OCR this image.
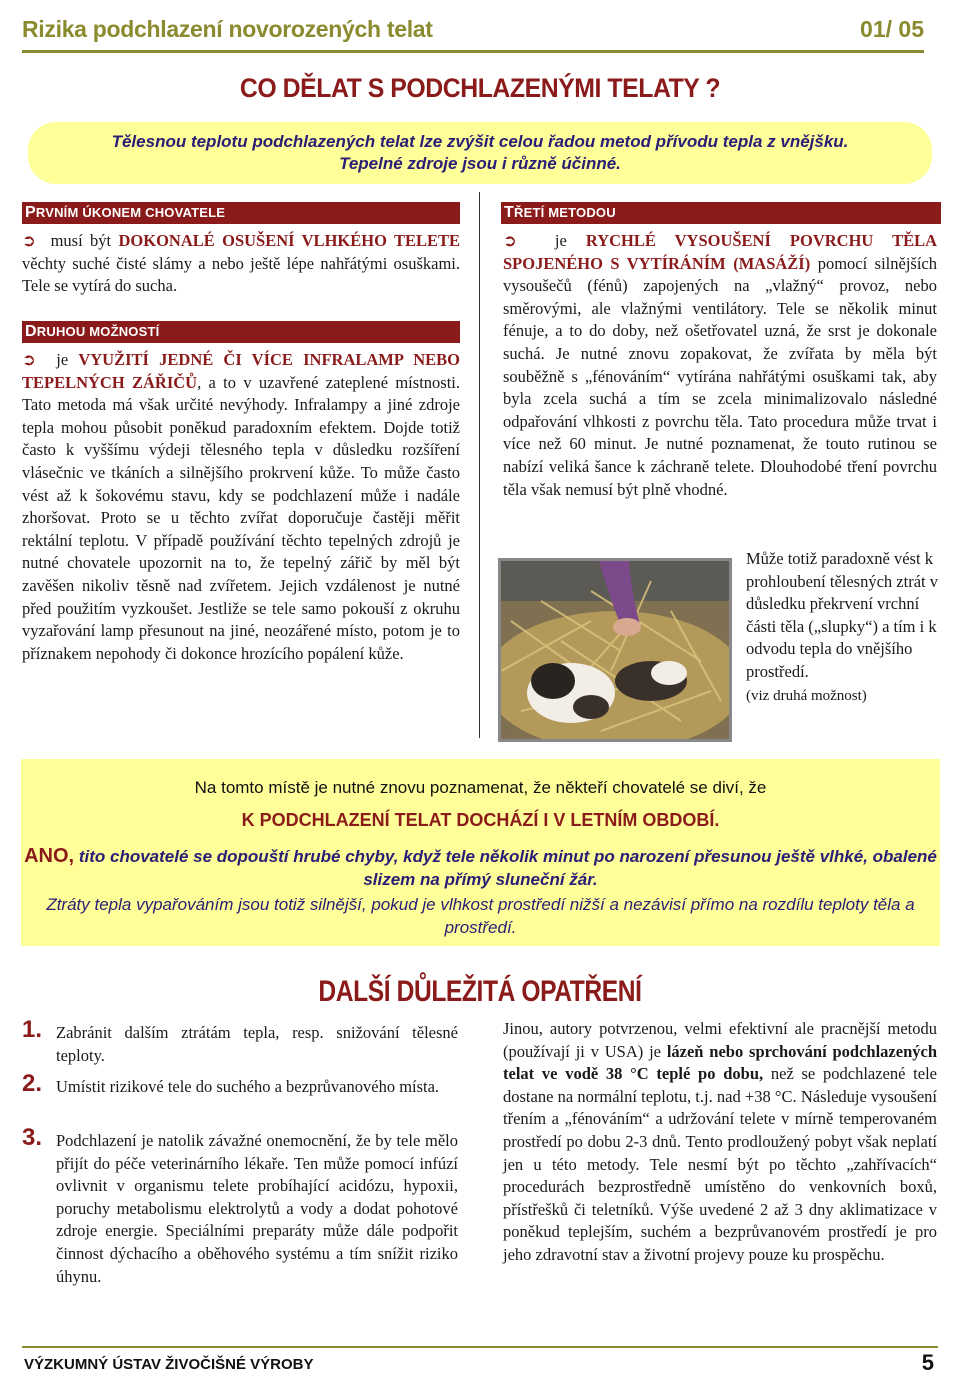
Rizika podchlazení novorozených telat	01/ 05
CO DĚLAT S PODCHLAZENÝMI TELATY ?
Tělesnou teplotu podchlazených telat lze zvýšit celou řadou metod přívodu tepla z vnějšku.
Tepelné zdroje jsou i různě účinné.
PRVNÍM ÚKONEM CHOVATELE
➲ musí být DOKONALÉ OSUŠENÍ VLHKÉHO TELETE věchty suché čisté slámy a nebo ještě lépe nahřátými osuškami. Tele se vytírá do sucha.
DRUHOU MOŽNOSTÍ
➲ je VYUŽITÍ JEDNÉ ČI VÍCE INFRALAMP NEBO TEPELNÝCH ZÁŘIČŮ, a to v uzavřené zateplené místnosti. Tato metoda má však určité nevýhody. Infralampy a jiné zdroje tepla mohou působit poněkud paradoxním efektem. Dojde totiž často k vyššímu výdeji tělesného tepla v důsledku rozšíření vlásečnic ve tkáních a silnějšího prokrvení kůže. To může často vést až k šokovému stavu, kdy se podchlazení může i nadále zhoršovat. Proto se u těchto zvířat doporučuje častěji měřit rektální teplotu. V případě používání těchto tepelných zdrojů je nutné chovatele upozornit na to, že tepelný zářič by měl být zavěšen nikoliv těsně nad zvířetem. Jejich vzdálenost je nutné před použitím vyzkoušet. Jestliže se tele samo pokouší z okruhu vyzařování lamp přesunout na jiné, neozářené místo, potom je to příznakem nepohody či dokonce hrozícího popálení kůže.
TŘETÍ METODOU
➲ je RYCHLÉ VYSOUŠENÍ POVRCHU TĚLA SPOJENÉHO S VYTÍRÁNÍM (MASÁŽÍ) pomocí silnějších vysoušečů (fénů) zapojených na „vlažný“ provoz, nebo směrovými, ale vlažnými ventilátory. Tele se několik minut fénuje, a to do doby, než ošetřovatel uzná, že srst je dokonale suchá. Je nutné znovu zopakovat, že zvířata by měla být souběžně s „fénováním“ vytírána nahřátými osuškami tak, aby byla zcela suchá a tím se zcela minimalizovalo následné odpařování vlhkosti z povrchu těla. Tato procedura může trvat i více než 60 minut. Je nutné poznamenat, že touto rutinou se nabízí veliká šance k záchraně telete. Dlouhodobé tření povrchu těla však nemusí být plně vhodné.
Může totiž paradoxně vést k prohloubení tělesných ztrát v důsledku překrvení vrchní části těla („slupky“) a tím i k odvodu tepla do vnějšího prostředí.
(viz druhá možnost)
Na tomto místě je nutné znovu poznamenat, že někteří chovatelé se diví, že
K PODCHLAZENÍ TELAT DOCHÁZÍ I V LETNÍM OBDOBÍ.
ANO, tito chovatelé se dopouští hrubé chyby, když tele několik minut po narození přesunou ještě vlhké, obalené slizem na přímý sluneční žár.
Ztráty tepla vypařováním jsou totiž silnější, pokud je vlhkost prostředí nižší a nezávisí přímo na rozdílu teploty těla a prostředí.
DALŠÍ DŮLEŽITÁ OPATŘENÍ
1. Zabránit dalším ztrátám tepla, resp. snižování tělesné teploty.
2. Umístit rizikové tele do suchého a bezprůvanového místa.
3. Podchlazení je natolik závažné onemocnění, že by tele mělo přijít do péče veterinárního lékaře. Ten může pomocí infúzí ovlivnit v organismu telete probíhající acidózu, hypoxii, poruchy metabolismu elektrolytů a vody a dodat pohotové zdroje energie. Speciálními preparáty může dále podpořit činnost dýchacího a oběhového systému a tím snížit riziko úhynu.
Jinou, autory potvrzenou, velmi efektivní ale pracnější metodu (používají ji v USA) je lázeň nebo sprchování podchlazených telat ve vodě 38 °C teplé po dobu, než se podchlazené tele dostane na normální teplotu, t.j. nad +38 °C. Následuje vysoušení třením a „fénováním“ a udržování telete v mírně temperovaném prostředí po dobu 2-3 dnů. Tento prodloužený pobyt však neplatí jen u této metody. Tele nesmí být po těchto „zahřívacích“ procedurách bezprostředně umístěno do venkovních boxů, přístřešků či teletníků. Výše uvedené 2 až 3 dny aklimatizace v poněkud teplejším, suchém a bezprůvanovém prostředí je pro jeho zdravotní stav a životní projevy pouze ku prospěchu.
VÝZKUMNÝ ÚSTAV ŽIVOČIŠNÉ VÝROBY	5
